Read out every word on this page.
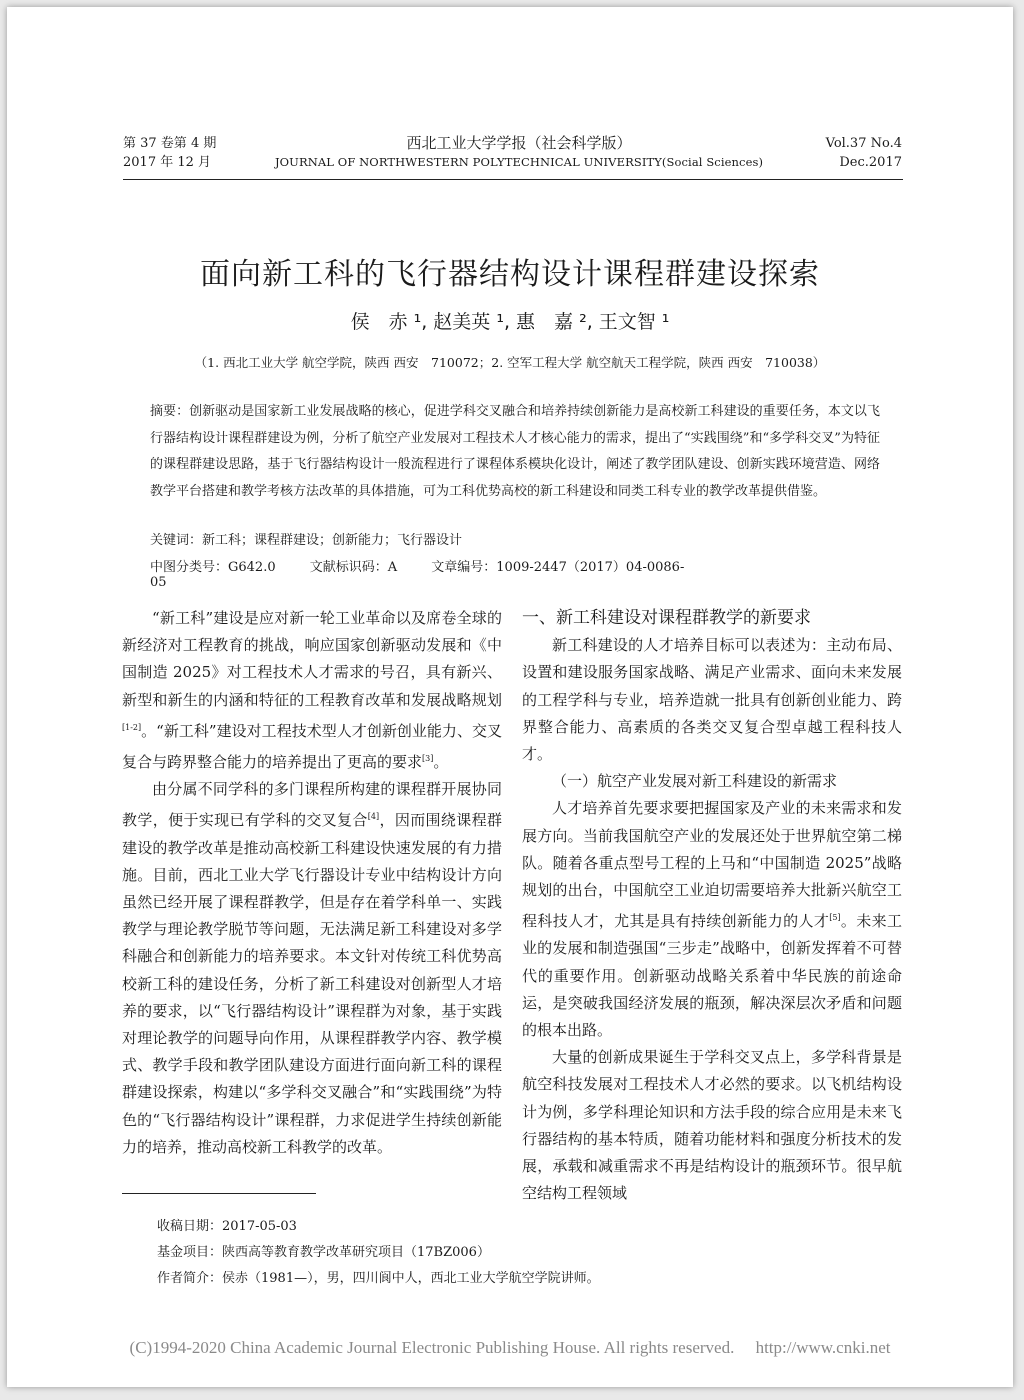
第 37 卷第 4 期
2017 年 12 月
西北工业大学学报（社会科学版）
JOURNAL OF NORTHWESTERN POLYTECHNICAL UNIVERSITY(Social Sciences)
Vol.37 No.4
Dec.2017
面向新工科的飞行器结构设计课程群建设探索
侯　赤 ¹, 赵美英 ¹, 惠　嘉 ², 王文智 ¹
（1. 西北工业大学 航空学院，陕西 西安　710072；2. 空军工程大学 航空航天工程学院，陕西 西安　710038）
摘要：创新驱动是国家新工业发展战略的核心，促进学科交叉融合和培养持续创新能力是高校新工科建设的重要任务，本文以飞行器结构设计课程群建设为例，分析了航空产业发展对工程技术人才核心能力的需求，提出了“实践围绕”和“多学科交叉”为特征的课程群建设思路，基于飞行器结构设计一般流程进行了课程体系模块化设计，阐述了教学团队建设、创新实践环境营造、网络教学平台搭建和教学考核方法改革的具体措施，可为工科优势高校的新工科建设和同类工科专业的教学改革提供借鉴。
关键词：新工科；课程群建设；创新能力；飞行器设计
中图分类号：G642.0	文献标识码：A	文章编号：1009-2447（2017）04-0086-05

“新工科”建设是应对新一轮工业革命以及席卷全球的新经济对工程教育的挑战，响应国家创新驱动发展和《中国制造 2025》对工程技术人才需求的号召，具有新兴、新型和新生的内涵和特征的工程教育改革和发展战略规划[1-2]。“新工科”建设对工程技术型人才创新创业能力、交叉复合与跨界整合能力的培养提出了更高的要求[3]。

由分属不同学科的多门课程所构建的课程群开展协同教学，便于实现已有学科的交叉复合[4]，因而围绕课程群建设的教学改革是推动高校新工科建设快速发展的有力措施。目前，西北工业大学飞行器设计专业中结构设计方向虽然已经开展了课程群教学，但是存在着学科单一、实践教学与理论教学脱节等问题，无法满足新工科建设对多学科融合和创新能力的培养要求。本文针对传统工科优势高校新工科的建设任务，分析了新工科建设对创新型人才培养的要求，以“飞行器结构设计”课程群为对象，基于实践对理论教学的问题导向作用，从课程群教学内容、教学模式、教学手段和教学团队建设方面进行面向新工科的课程群建设探索，构建以“多学科交叉融合”和“实践围绕”为特色的“飞行器结构设计”课程群，力求促进学生持续创新能力的培养，推动高校新工科教学的改革。

一、新工科建设对课程群教学的新要求

新工科建设的人才培养目标可以表述为：主动布局、设置和建设服务国家战略、满足产业需求、面向未来发展的工程学科与专业，培养造就一批具有创新创业能力、跨界整合能力、高素质的各类交叉复合型卓越工程科技人才。

（一）航空产业发展对新工科建设的新需求

人才培养首先要求要把握国家及产业的未来需求和发展方向。当前我国航空产业的发展还处于世界航空第二梯队。随着各重点型号工程的上马和“中国制造 2025”战略规划的出台，中国航空工业迫切需要培养大批新兴航空工程科技人才，尤其是具有持续创新能力的人才[5]。未来工业的发展和制造强国“三步走”战略中，创新发挥着不可替代的重要作用。创新驱动战略关系着中华民族的前途命运，是突破我国经济发展的瓶颈，解决深层次矛盾和问题的根本出路。

大量的创新成果诞生于学科交叉点上，多学科背景是航空科技发展对工程技术人才必然的要求。以飞机结构设计为例，多学科理论知识和方法手段的综合应用是未来飞行器结构的基本特质，随着功能材料和强度分析技术的发展，承载和减重需求不再是结构设计的瓶颈环节。很早航空结构工程领域

收稿日期：2017-05-03
基金项目：陕西高等教育教学改革研究项目（17BZ006）
作者简介：侯赤（1981—），男，四川阆中人，西北工业大学航空学院讲师。
(C)1994-2020 China Academic Journal Electronic Publishing House. All rights reserved.　 http://www.cnki.net
